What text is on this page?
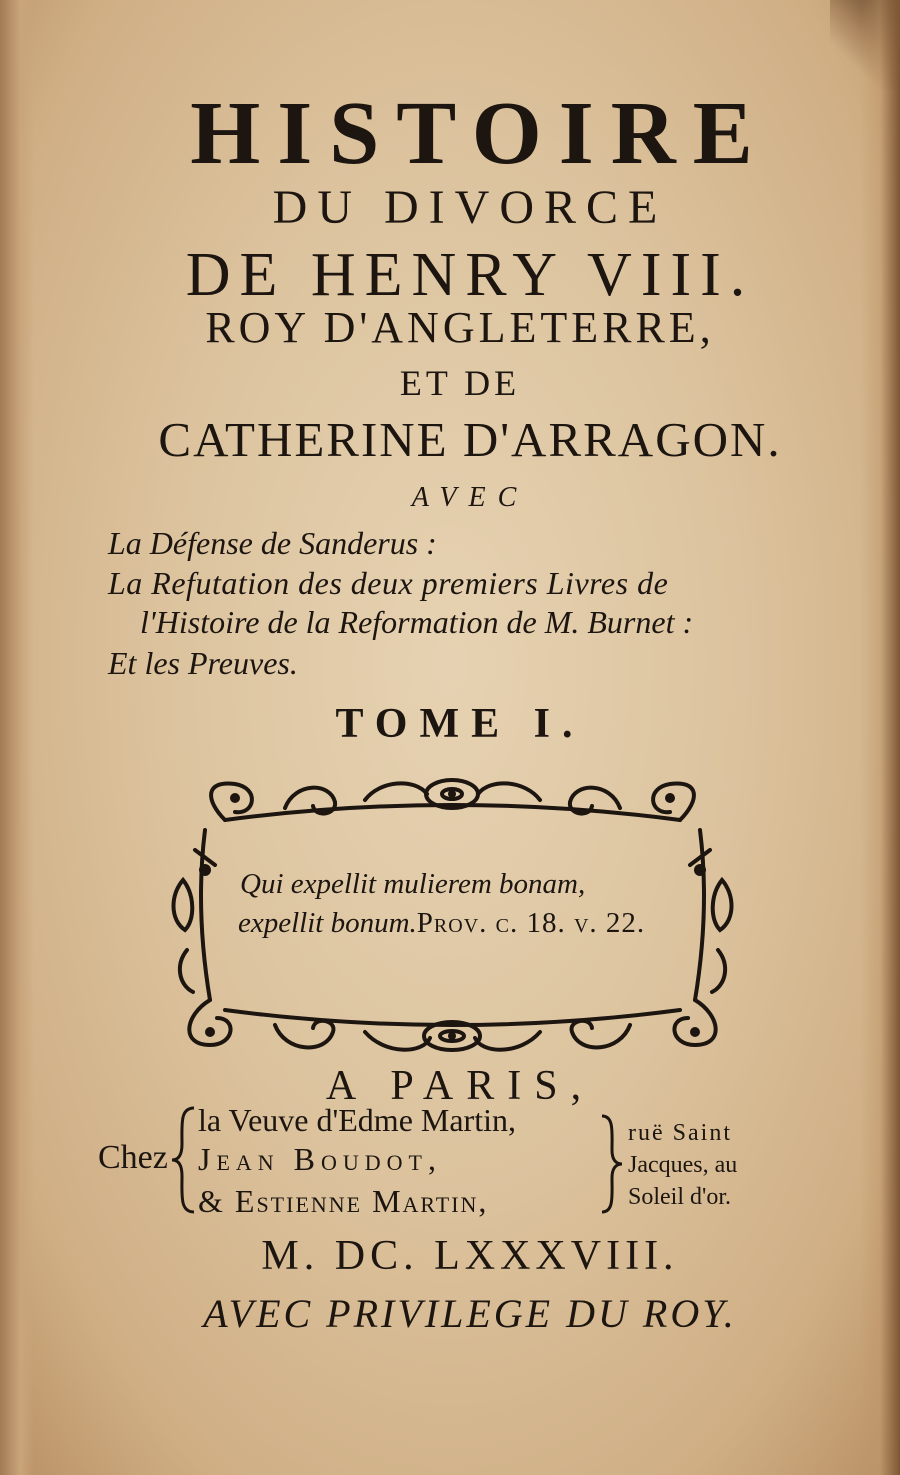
HISTOIRE
DU DIVORCE
DE HENRY VIII.
ROY D'ANGLETERRE,
ET DE
CATHERINE D'ARRAGON.
AVEC
La Défense de Sanderus :
La Refutation des deux premiers Livres de
l'Histoire de la Reformation de M. Burnet :
Et les Preuves.
TOME I.
Qui expellit mulierem bonam,
expellit bonum.Prov. c. 18. v. 22.
A PARIS,
Chez
la Veuve d'Edme Martin,
Jean Boudot,
& Estienne Martin,
ruë Saint
Jacques, au
Soleil d'or.
M. DC. LXXXVIII.
AVEC PRIVILEGE DU ROY.
